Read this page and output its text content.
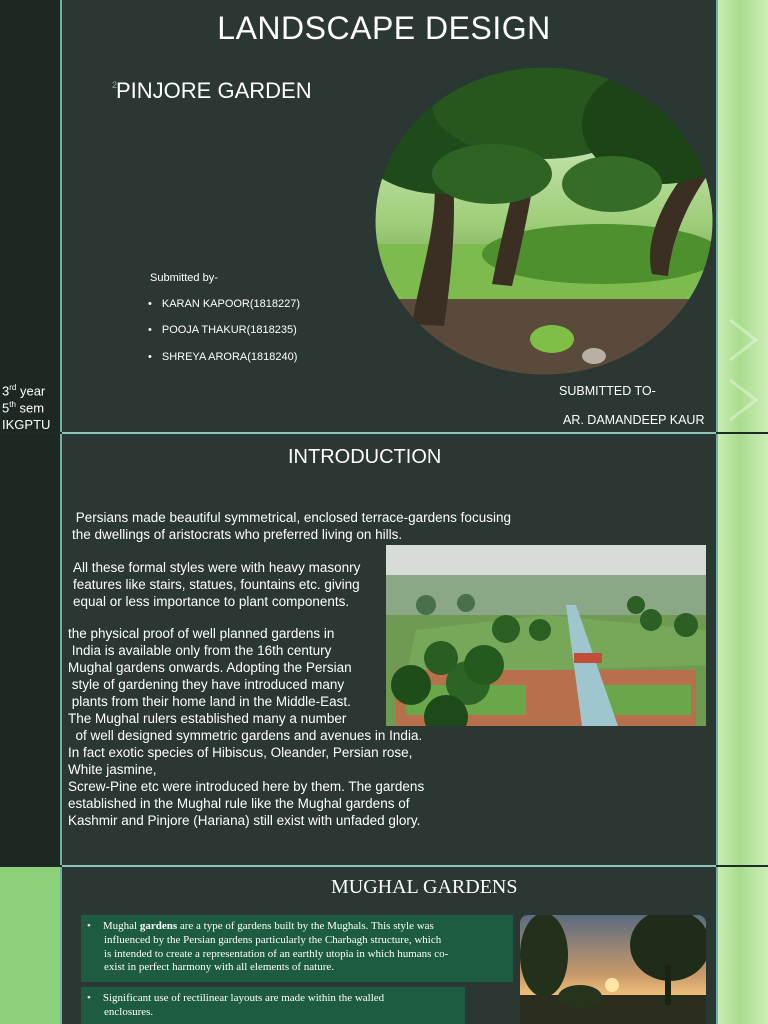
LANDSCAPE DESIGN
2
PINJORE GARDEN
Submitted by-
• KARAN KAPOOR(1818227)
• POOJA THAKUR(1818235)
• SHREYA ARORA(1818240)
3rd year
5th sem
IKGPTU
SUBMITTED TO-
AR. DAMANDEEP KAUR
INTRODUCTION
Persians made beautiful symmetrical, enclosed terrace-gardens focusing
the dwellings of aristocrats who preferred living on hills.
All these formal styles were with heavy masonry
features like stairs, statues, fountains etc. giving
equal or less importance to plant components.
the physical proof of well planned gardens in
India is available only from the 16th century
Mughal gardens onwards. Adopting the Persian
style of gardening they have introduced many
plants from their home land in the Middle-East.
The Mughal rulers established many a number
of well designed symmetric gardens and avenues in India.
In fact exotic species of Hibiscus, Oleander, Persian rose,
White jasmine,
Screw-Pine etc were introduced here by them. The gardens
established in the Mughal rule like the Mughal gardens of
Kashmir and Pinjore (Hariana) still exist with unfaded glory.
MUGHAL GARDENS
• Mughal gardens are a type of gardens built by the Mughals. This style was
influenced by the Persian gardens particularly the Charbagh structure, which
is intended to create a representation of an earthly utopia in which humans co-
exist in perfect harmony with all elements of nature.
• Significant use of rectilinear layouts are made within the walled
enclosures.
